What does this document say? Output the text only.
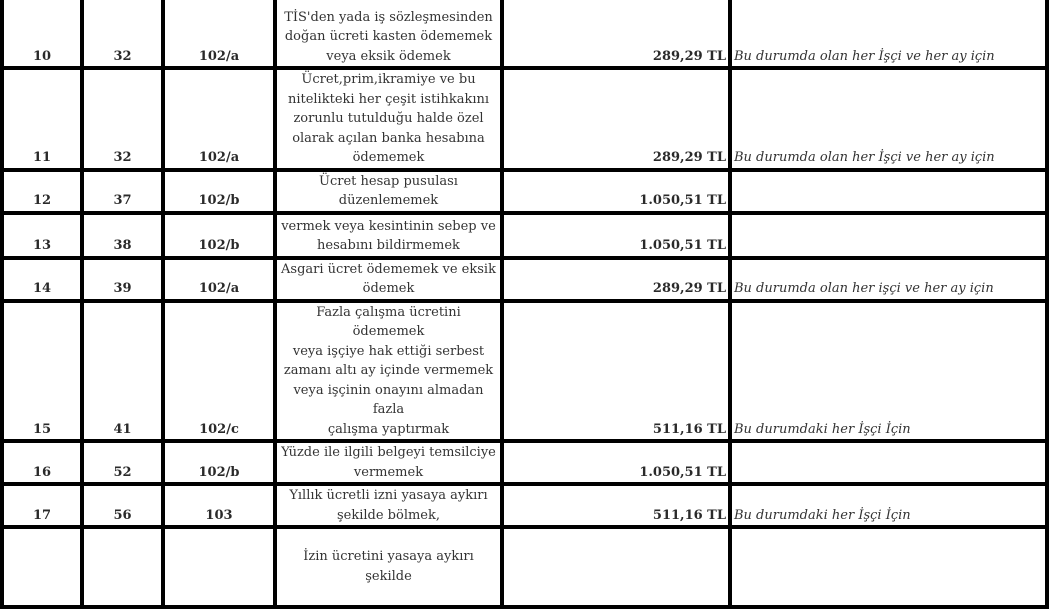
10	32	102/a	TİS'den yada iş sözleşmesinden
doğan ücreti kasten ödememek
veya eksik ödemek	289,29 TL	Bu durumda olan her İşçi ve her ay için
11	32	102/a	Ücret,prim,ikramiye ve bu
nitelikteki her çeşit istihkakını
zorunlu tutulduğu halde özel
olarak açılan banka hesabına
ödememek	289,29 TL	Bu durumda olan her İşçi ve her ay için
12	37	102/b	Ücret hesap pusulası
düzenlememek	1.050,51 TL	
13	38	102/b	vermek veya kesintinin sebep ve
hesabını bildirmemek	1.050,51 TL	
14	39	102/a	Asgari ücret ödememek ve eksik
ödemek	289,29 TL	Bu durumda olan her işçi ve her ay için
15	41	102/c	Fazla çalışma ücretini ödememek
veya işçiye hak ettiği serbest
zamanı altı ay içinde vermemek
veya işçinin onayını almadan fazla
çalışma yaptırmak	511,16 TL	Bu durumdaki her İşçi İçin
16	52	102/b	Yüzde ile ilgili belgeyi temsilciye
vermemek	1.050,51 TL	
17	56	103	Yıllık ücretli izni yasaya aykırı
şekilde bölmek,	511,16 TL	Bu durumdaki her İşçi İçin

			İzin ücretini yasaya aykırı şekilde		
